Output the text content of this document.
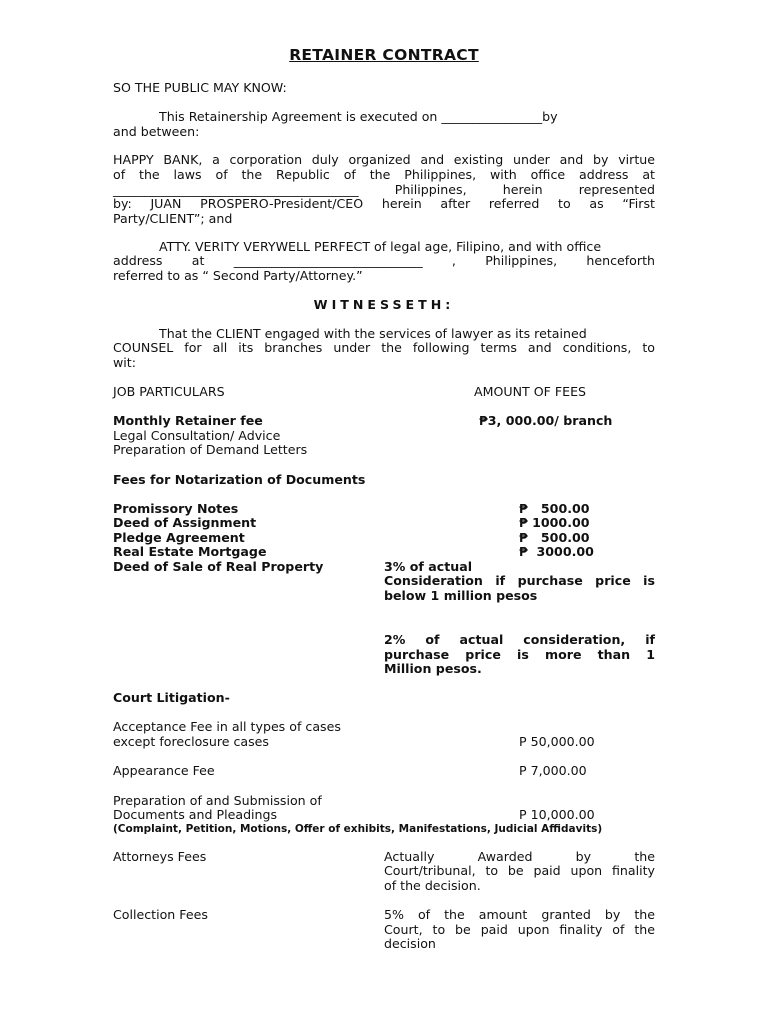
RETAINER CONTRACT
SO THE PUBLIC MAY KNOW:
This Retainership Agreement is executed on ________________by
and between:
HAPPY BANK, a corporation duly organized and existing under and by virtue
of the laws of the Republic of the Philippines, with office address at
_______________________________________ Philippines, herein represented
by: JUAN PROSPERO-President/CEO herein after referred to as “First
Party/CLIENT”; and
ATTY. VERITY VERYWELL PERFECT of legal age, Filipino, and with office
address at ______________________________ , Philippines, henceforth
referred to as “ Second Party/Attorney.”
WITNESSETH:
That the CLIENT engaged with the services of lawyer as its retained
COUNSEL for all its branches under the following terms and conditions, to
wit:
JOB PARTICULARS	AMOUNT OF FEES
Monthly Retainer fee	₱3, 000.00/ branch
Legal Consultation/ Advice
Preparation of Demand Letters
Fees for Notarization of Documents
Promissory Notes	₱   500.00
Deed of Assignment	₱ 1000.00
Pledge Agreement	₱   500.00
Real Estate Mortgage	₱  3000.00
Deed of Sale of Real Property	3% of actual
Consideration if purchase price is
below 1 million pesos
2% of actual consideration, if
purchase price is more than 1
Million pesos.
Court Litigation-
Acceptance Fee in all types of cases
except foreclosure cases	P 50,000.00
Appearance Fee	P 7,000.00
Preparation of and Submission of
Documents and Pleadings	P 10,000.00
(Complaint, Petition, Motions, Offer of exhibits, Manifestations, Judicial Affidavits)
Attorneys Fees	Actually Awarded by the
Court/tribunal, to be paid upon finality
of the decision.
Collection Fees	5% of the amount granted by the
Court, to be paid upon finality of the
decision
